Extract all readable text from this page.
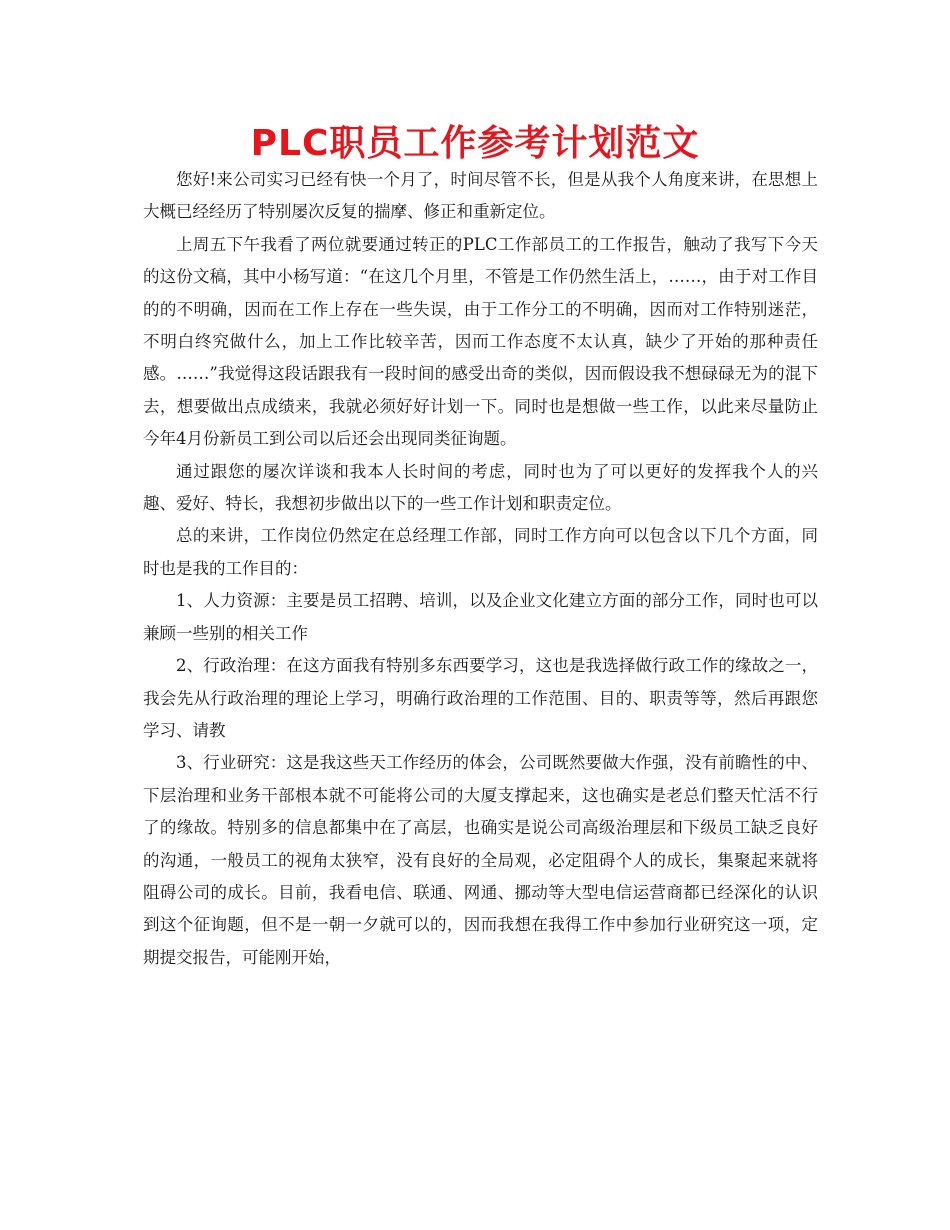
PLC职员工作参考计划范文

您好!来公司实习已经有快一个月了，时间尽管不长，但是从我个人角度来讲，在思想上大概已经经历了特别屡次反复的揣摩、修正和重新定位。

上周五下午我看了两位就要通过转正的PLC工作部员工的工作报告，触动了我写下今天的这份文稿，其中小杨写道：“在这几个月里，不管是工作仍然生活上，……，由于对工作目的的不明确，因而在工作上存在一些失误，由于工作分工的不明确，因而对工作特别迷茫，不明白终究做什么，加上工作比较辛苦，因而工作态度不太认真，缺少了开始的那种责任感。……”我觉得这段话跟我有一段时间的感受出奇的类似，因而假设我不想碌碌无为的混下去，想要做出点成绩来，我就必须好好计划一下。同时也是想做一些工作，以此来尽量防止今年4月份新员工到公司以后还会出现同类征询题。

通过跟您的屡次详谈和我本人长时间的考虑，同时也为了可以更好的发挥我个人的兴趣、爱好、特长，我想初步做出以下的一些工作计划和职责定位。

总的来讲，工作岗位仍然定在总经理工作部，同时工作方向可以包含以下几个方面，同时也是我的工作目的：

1、人力资源：主要是员工招聘、培训，以及企业文化建立方面的部分工作，同时也可以兼顾一些别的相关工作

2、行政治理：在这方面我有特别多东西要学习，这也是我选择做行政工作的缘故之一，我会先从行政治理的理论上学习，明确行政治理的工作范围、目的、职责等等，然后再跟您学习、请教

3、行业研究：这是我这些天工作经历的体会，公司既然要做大作强，没有前瞻性的中、下层治理和业务干部根本就不可能将公司的大厦支撑起来，这也确实是老总们整天忙活不行了的缘故。特别多的信息都集中在了高层，也确实是说公司高级治理层和下级员工缺乏良好的沟通，一般员工的视角太狭窄，没有良好的全局观，必定阻碍个人的成长，集聚起来就将阻碍公司的成长。目前，我看电信、联通、网通、挪动等大型电信运营商都已经深化的认识到这个征询题，但不是一朝一夕就可以的，因而我想在我得工作中参加行业研究这一项，定期提交报告，可能刚开始，
